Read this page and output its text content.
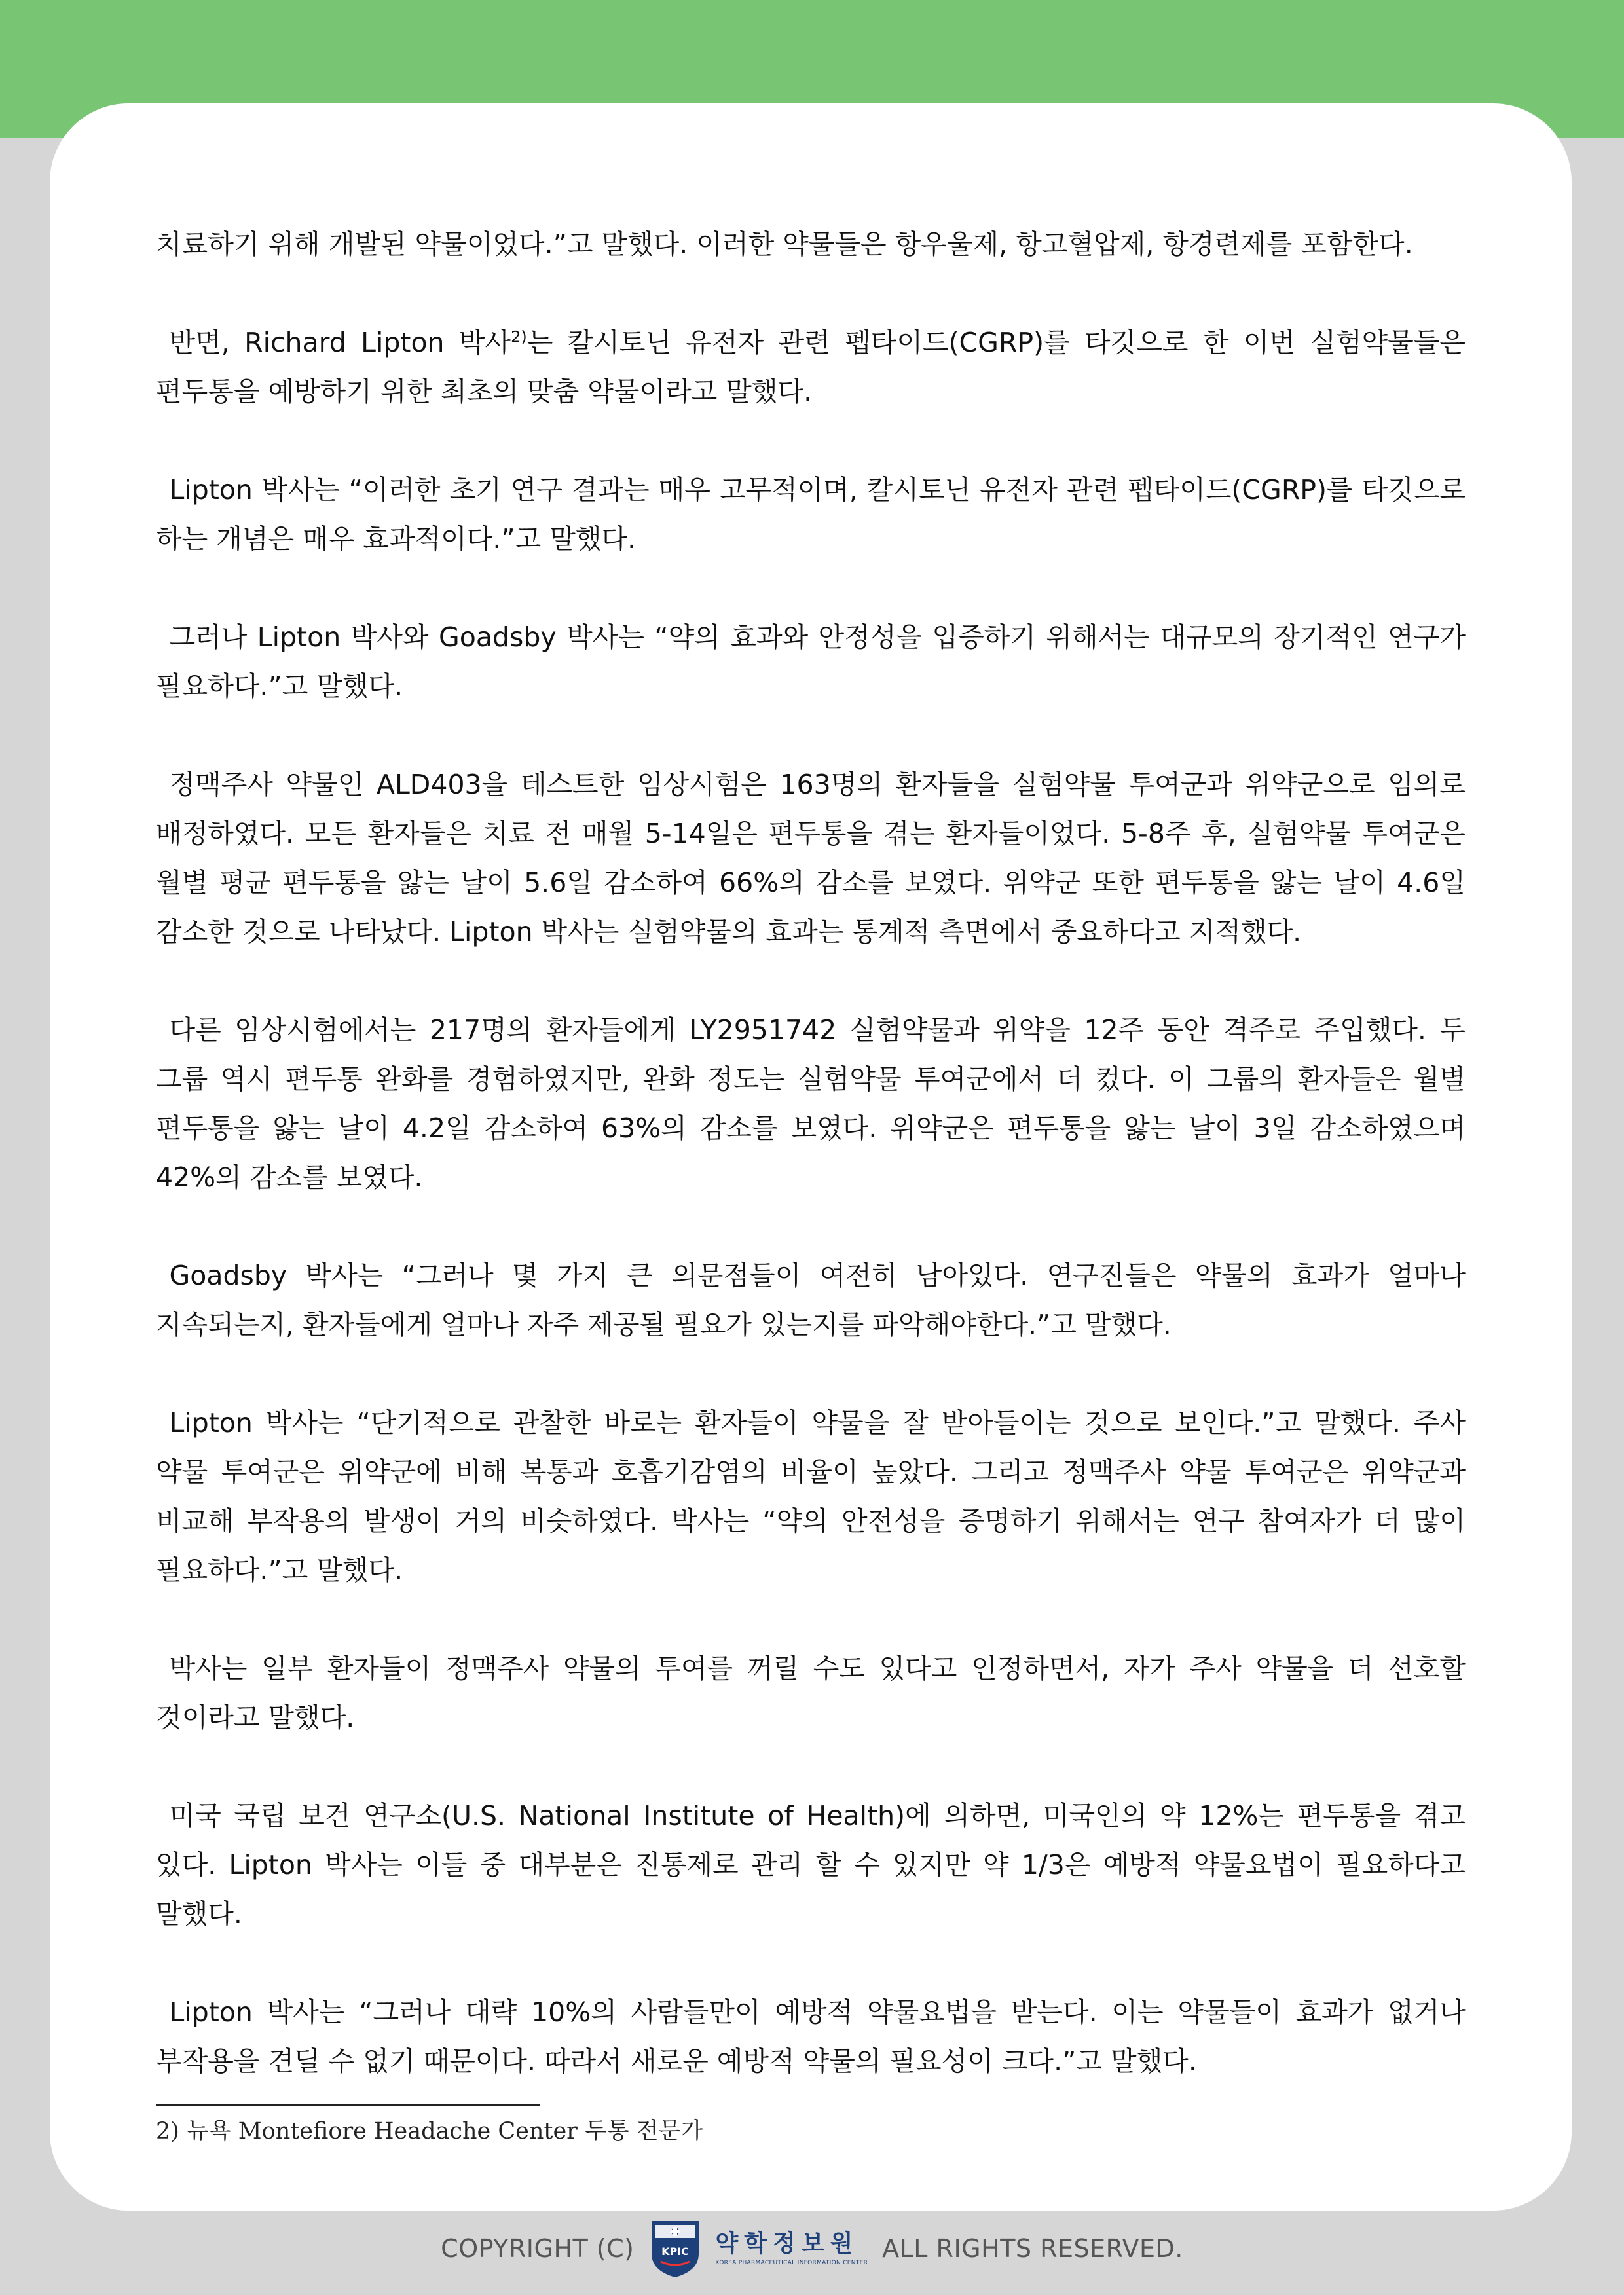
치료하기 위해 개발된 약물이었다.”고 말했다. 이러한 약물들은 항우울제, 항고혈압제, 항경련제를 포함한다.

반면, Richard Lipton 박사$^{2)}$는 칼시토닌 유전자 관련 펩타이드(CGRP)를 타깃으로 한 이번 실험약물들은 편두통을 예방하기 위한 최초의 맞춤 약물이라고 말했다.

Lipton 박사는 “이러한 초기 연구 결과는 매우 고무적이며, 칼시토닌 유전자 관련 펩타이드(CGRP)를 타깃으로 하는 개념은 매우 효과적이다.”고 말했다.

그러나 Lipton 박사와 Goadsby 박사는 “약의 효과와 안정성을 입증하기 위해서는 대규모의 장기적인 연구가 필요하다.”고 말했다.

정맥주사 약물인 ALD403을 테스트한 임상시험은 163명의 환자들을 실험약물 투여군과 위약군으로 임의로 배정하였다. 모든 환자들은 치료 전 매월 5-14일은 편두통을 겪는 환자들이었다. 5-8주 후, 실험약물 투여군은 월별 평균 편두통을 앓는 날이 5.6일 감소하여 66%의 감소를 보였다. 위약군 또한 편두통을 앓는 날이 4.6일 감소한 것으로 나타났다. Lipton 박사는 실험약물의 효과는 통계적 측면에서 중요하다고 지적했다.

다른 임상시험에서는 217명의 환자들에게 LY2951742 실험약물과 위약을 12주 동안 격주로 주입했다. 두 그룹 역시 편두통 완화를 경험하였지만, 완화 정도는 실험약물 투여군에서 더 컸다. 이 그룹의 환자들은 월별 편두통을 앓는 날이 4.2일 감소하여 63%의 감소를 보였다. 위약군은 편두통을 앓는 날이 3일 감소하였으며 42%의 감소를 보였다.

Goadsby 박사는 “그러나 몇 가지 큰 의문점들이 여전히 남아있다. 연구진들은 약물의 효과가 얼마나 지속되는지, 환자들에게 얼마나 자주 제공될 필요가 있는지를 파악해야한다.”고 말했다.

Lipton 박사는 “단기적으로 관찰한 바로는 환자들이 약물을 잘 받아들이는 것으로 보인다.”고 말했다. 주사 약물 투여군은 위약군에 비해 복통과 호흡기감염의 비율이 높았다. 그리고 정맥주사 약물 투여군은 위약군과 비교해 부작용의 발생이 거의 비슷하였다. 박사는 “약의 안전성을 증명하기 위해서는 연구 참여자가 더 많이 필요하다.”고 말했다.

박사는 일부 환자들이 정맥주사 약물의 투여를 꺼릴 수도 있다고 인정하면서, 자가 주사 약물을 더 선호할 것이라고 말했다.

미국 국립 보건 연구소(U.S. National Institute of Health)에 의하면, 미국인의 약 12%는 편두통을 겪고 있다. Lipton 박사는 이들 중 대부분은 진통제로 관리 할 수 있지만 약 1/3은 예방적 약물요법이 필요하다고 말했다.

Lipton 박사는 “그러나 대략 10%의 사람들만이 예방적 약물요법을 받는다. 이는 약물들이 효과가 없거나 부작용을 견딜 수 없기 때문이다. 따라서 새로운 예방적 약물의 필요성이 크다.”고 말했다.

2) 뉴욕 Montefiore Headache Center 두통 전문가

COPYRIGHT (C)	KPIC 약학정보원
KOREA PHARMACEUTICAL INFORMATION CENTER ALL RIGHTS RESERVED.
